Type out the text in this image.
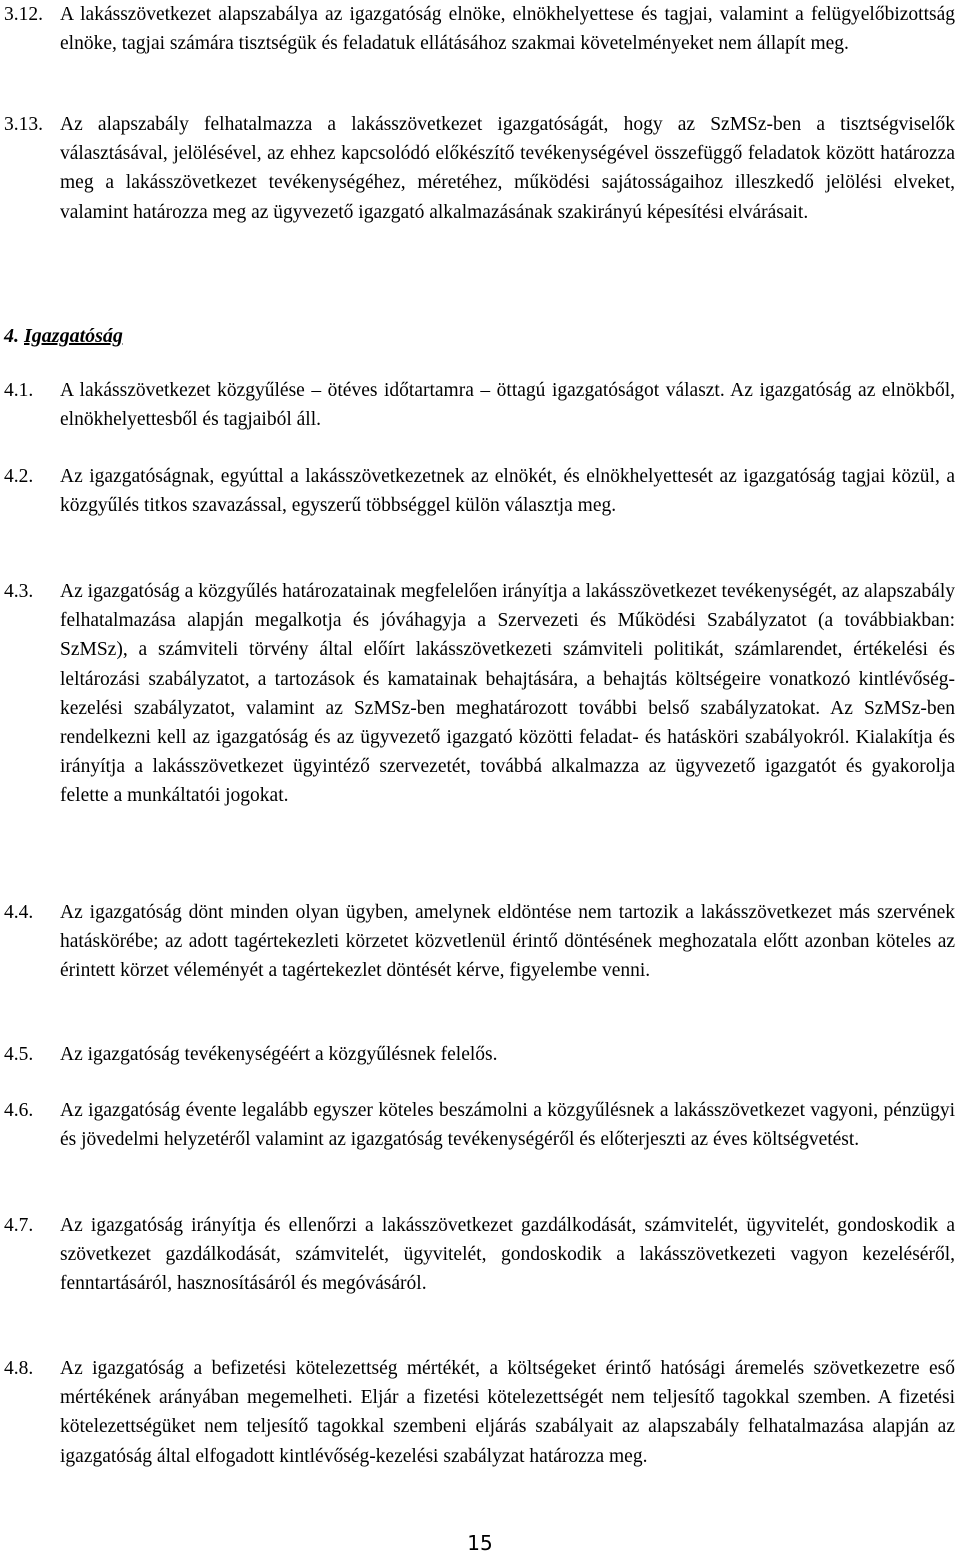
3.12. A lakásszövetkezet alapszabálya az igazgatóság elnöke, elnökhelyettese és tagjai, valamint a felügyelőbizottság elnöke, tagjai számára tisztségük és feladatuk ellátásához szakmai követelményeket nem állapít meg.
3.13. Az alapszabály felhatalmazza a lakásszövetkezet igazgatóságát, hogy az SzMSz-ben a tisztségviselők választásával, jelölésével, az ehhez kapcsolódó előkészítő tevékenységével összefüggő feladatok között határozza meg a lakásszövetkezet tevékenységéhez, méretéhez, működési sajátosságaihoz illeszkedő jelölési elveket, valamint határozza meg az ügyvezető igazgató alkalmazásának szakirányú képesítési elvárásait.
4. Igazgatóság
4.1. A lakásszövetkezet közgyűlése – ötéves időtartamra – öttagú igazgatóságot választ. Az igazgatóság az elnökből, elnökhelyettesből és tagjaiból áll.
4.2. Az igazgatóságnak, egyúttal a lakásszövetkezetnek az elnökét, és elnökhelyettesét az igazgatóság tagjai közül, a közgyűlés titkos szavazással, egyszerű többséggel külön választja meg.
4.3. Az igazgatóság a közgyűlés határozatainak megfelelően irányítja a lakásszövetkezet tevékenységét, az alapszabály felhatalmazása alapján megalkotja és jóváhagyja a Szervezeti és Működési Szabályzatot (a továbbiakban: SzMSz), a számviteli törvény által előírt lakásszövetkezeti számviteli politikát, számlarendet, értékelési és leltározási szabályzatot, a tartozások és kamatainak behajtására, a behajtás költségeire vonatkozó kintlévőség-kezelési szabályzatot, valamint az SzMSz-ben meghatározott további belső szabályzatokat. Az SzMSz-ben rendelkezni kell az igazgatóság és az ügyvezető igazgató közötti feladat- és hatásköri szabályokról. Kialakítja és irányítja a lakásszövetkezet ügyintéző szervezetét, továbbá alkalmazza az ügyvezető igazgatót és gyakorolja felette a munkáltatói jogokat.
4.4. Az igazgatóság dönt minden olyan ügyben, amelynek eldöntése nem tartozik a lakásszövetkezet más szervének hatáskörébe; az adott tagértekezleti körzetet közvetlenül érintő döntésének meghozatala előtt azonban köteles az érintett körzet véleményét a tagértekezlet döntését kérve, figyelembe venni.
4.5. Az igazgatóság tevékenységéért a közgyűlésnek felelős.
4.6. Az igazgatóság évente legalább egyszer köteles beszámolni a közgyűlésnek a lakásszövetkezet vagyoni, pénzügyi és jövedelmi helyzetéről valamint az igazgatóság tevékenységéről és előterjeszti az éves költségvetést.
4.7. Az igazgatóság irányítja és ellenőrzi a lakásszövetkezet gazdálkodását, számvitelét, ügyvitelét, gondoskodik a szövetkezet gazdálkodását, számvitelét, ügyvitelét, gondoskodik a lakásszövetkezeti vagyon kezeléséről, fenntartásáról, hasznosításáról és megóvásáról.
4.8. Az igazgatóság a befizetési kötelezettség mértékét, a költségeket érintő hatósági áremelés szövetkezetre eső mértékének arányában megemelheti. Eljár a fizetési kötelezettségét nem teljesítő tagokkal szemben. A fizetési kötelezettségüket nem teljesítő tagokkal szembeni eljárás szabályait az alapszabály felhatalmazása alapján az igazgatóság által elfogadott kintlévőség-kezelési szabályzat határozza meg.
15
